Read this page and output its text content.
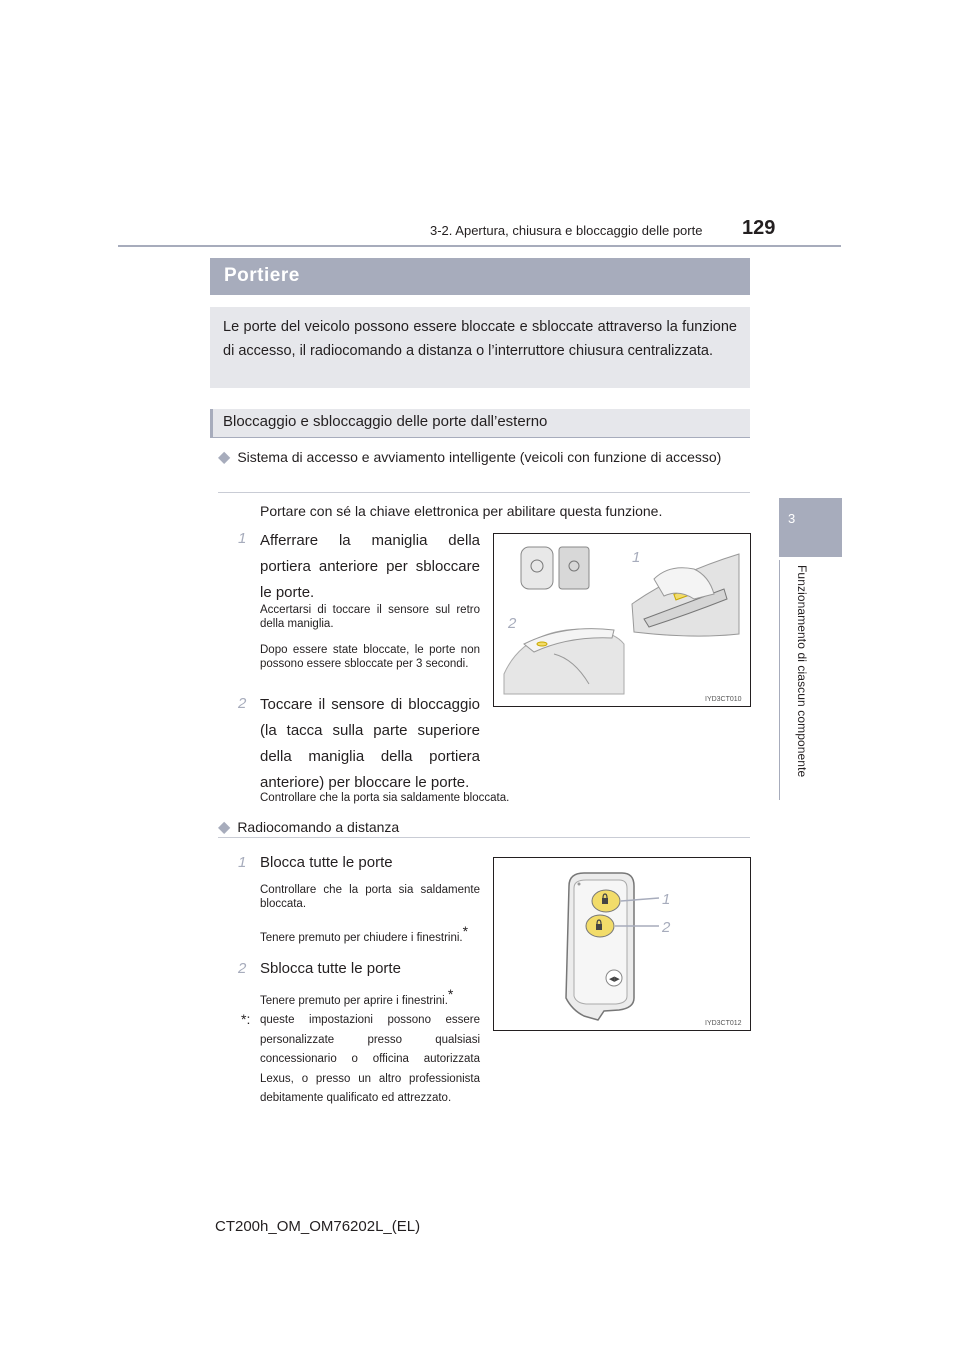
3-2. Apertura, chiusura e bloccaggio delle porte 129
3
Funzionamento di ciascun componente
Portiere

Le porte del veicolo possono essere bloccate e sbloccate attraverso la funzione di accesso, il radiocomando a distanza o l’interruttore chiusura centralizzata.

Bloccaggio e sbloccaggio delle porte dall’esterno
◆ Sistema di accesso e avviamento intelligente (veicoli con funzione di accesso)
Portare con sé la chiave elettronica per abilitare questa funzione.
1 Afferrare la maniglia della portiera anteriore per sbloccare le porte.
Accertarsi di toccare il sensore sul retro della maniglia.
Dopo essere state bloccate, le porte non possono essere sbloccate per 3 secondi.
2 Toccare il sensore di bloccaggio (la tacca sulla parte superiore della maniglia della portiera anteriore) per bloccare le porte.
Controllare che la porta sia saldamente bloccata.
1
2
IYD3CT010
◆ Radiocomando a distanza
1 Blocca tutte le porte
Controllare che la porta sia saldamente bloccata.
Tenere premuto per chiudere i finestrini.*
2 Sblocca tutte le porte
Tenere premuto per aprire i finestrini.*
*: queste impostazioni possono essere personalizzate presso qualsiasi concessionario o officina autorizzata Lexus, o presso un altro professionista debitamente qualificato ed attrezzato.
◀▶
1
2
IYD3CT012
CT200h_OM_OM76202L_(EL)
